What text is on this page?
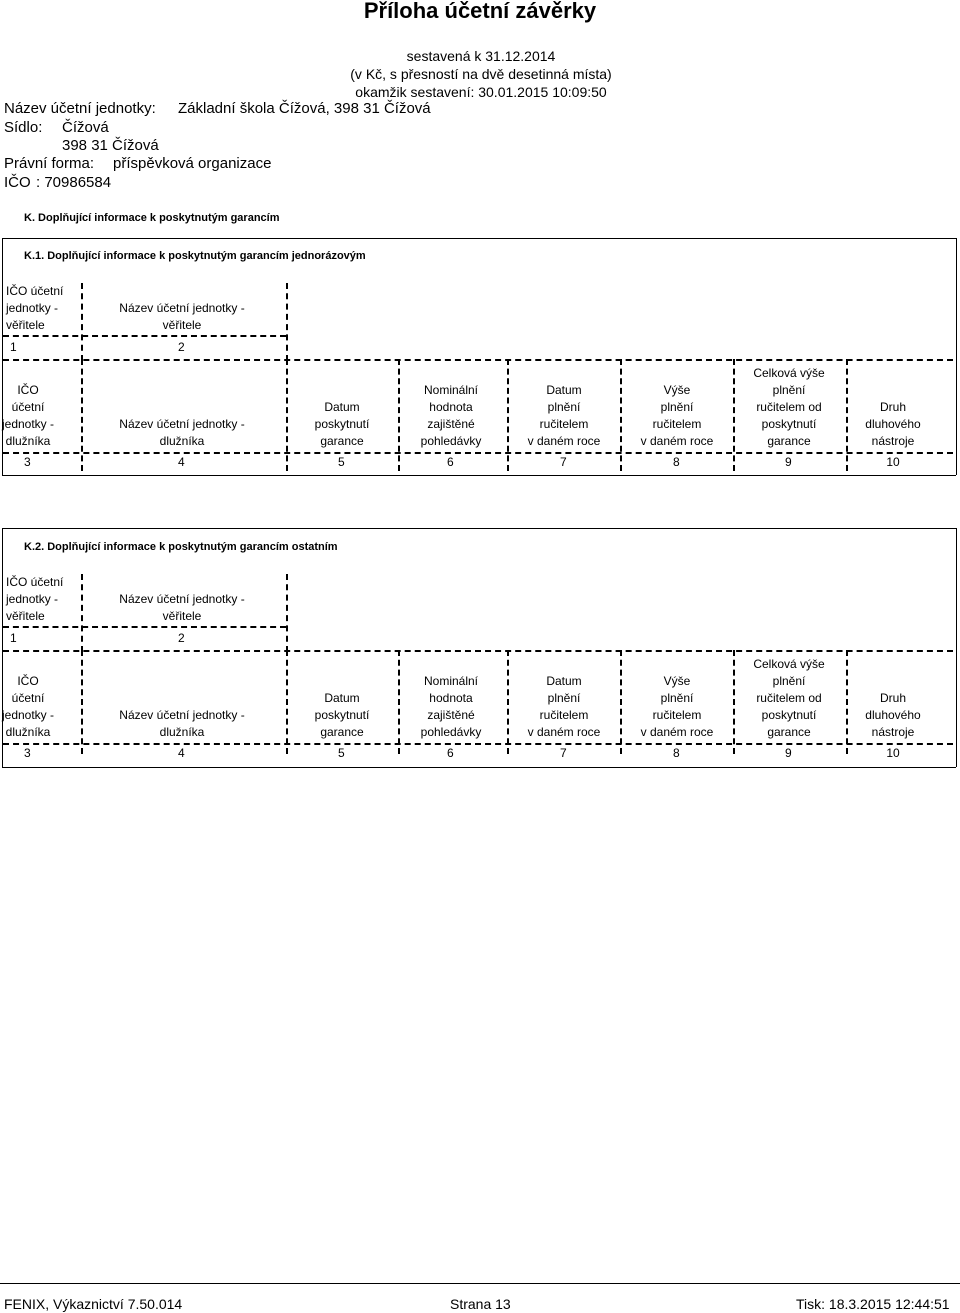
Příloha účetní závěrky
sestavená k 31.12.2014
(v Kč, s přesností na dvě desetinná místa)
okamžik sestavení: 30.01.2015 10:09:50
Název účetní jednotky: Základní škola Čížová, 398 31 Čížová
Sídlo: Čížová
398 31 Čížová
Právní forma: příspěvková organizace
IČO : 70986584
K. Doplňující informace k poskytnutým garancím
K.1. Doplňující informace k poskytnutým garancím jednorázovým
K.2. Doplňující informace k poskytnutým garancím ostatním
FENIX, Výkaznictví 7.50.014	Strana 13	Tisk: 18.3.2015 12:44:51
IČO účetní
jednotky -
věřitele
1
Název účetní jednotky -
věřitele
2
IČO
účetní
jednotky -
dlužníka
3
Název účetní jednotky -
dlužníka
4
Datum
poskytnutí
garance
5
Nominální
hodnota
zajištěné
pohledávky
6
Datum
plnění
ručitelem
v daném roce
7
Výše
plnění
ručitelem
v daném roce
8
Celková výše
plnění
ručitelem od
poskytnutí
garance
9
Druh
dluhového
nástroje
10
IČO účetní
jednotky -
věřitele
1
Název účetní jednotky -
věřitele
2
IČO
účetní
jednotky -
dlužníka
3
Název účetní jednotky -
dlužníka
4
Datum
poskytnutí
garance
5
Nominální
hodnota
zajištěné
pohledávky
6
Datum
plnění
ručitelem
v daném roce
7
Výše
plnění
ručitelem
v daném roce
8
Celková výše
plnění
ručitelem od
poskytnutí
garance
9
Druh
dluhového
nástroje
10
